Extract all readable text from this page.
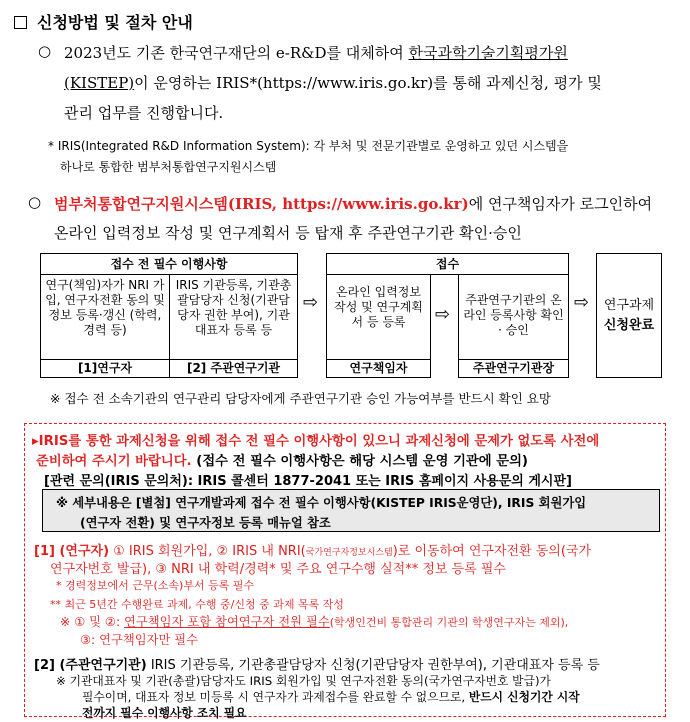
신청방법 및 절차 안내
○ 2023년도 기존 한국연구재단의 e-R&D를 대체하여 한국과학기술기획평가원
(KISTEP)이 운영하는 IRIS*(https://www.iris.go.kr)를 통해 과제신청, 평가 및
관리 업무를 진행합니다.
* IRIS(Integrated R&D Information System): 각 부처 및 전문기관별로 운영하고 있던 시스템을
하나로 통합한 범부처통합연구지원시스템
○ 범부처통합연구지원시스템(IRIS, https://www.iris.go.kr)에 연구책임자가 로그인하여
온라인 입력정보 작성 및 연구계획서 등 탑재 후 주관연구기관 확인·승인
접수 전 필수 이행사항
연구(책임)자가 NRI 가입, 연구자전환 동의 및 정보 등록·갱신 (학력, 경력 등)
[1]연구자
IRIS 기관등록, 기관총괄담당자 신청(기관담당자 권한 부여), 기관대표자 등록 등
[2] 주관연구기관
⇨
접수
온라인 입력정보 작성 및 연구계획서 등 등록
연구책임자
⇨
주관연구기관의 온라인 등록사항 확인 · 승인
주관연구기관장
⇨	연구과제
신청완료
※ 접수 전 소속기관의 연구관리 담당자에게 주관연구기관 승인 가능여부를 반드시 확인 요망
▸IRIS를 통한 과제신청을 위해 접수 전 필수 이행사항이 있으니 과제신청에 문제가 없도록 사전에
준비하여 주시기 바랍니다. (접수 전 필수 이행사항은 해당 시스템 운영 기관에 문의)
[관련 문의(IRIS 문의처): IRIS 콜센터 1877-2041 또는 IRIS 홈페이지 사용문의 게시판]
※ 세부내용은 [별첨] 연구개발과제 접수 전 필수 이행사항(KISTEP IRIS운영단), IRIS 회원가입
(연구자 전환) 및 연구자정보 등록 매뉴얼 참조
[1] (연구자) ① IRIS 회원가입, ② IRIS 내 NRI(국가연구자정보시스템)로 이동하여 연구자전환 동의(국가
연구자번호 발급), ③ NRI 내 학력/경력* 및 주요 연구수행 실적** 정보 등록 필수
* 경력정보에서 근무(소속)부서 등록 필수
** 최근 5년간 수행완료 과제, 수행 중/신청 중 과제 목록 작성
※ ① 및 ②: 연구책임자 포함 참여연구자 전원 필수(학생인건비 통합관리 기관의 학생연구자는 제외),
③: 연구책임자만 필수
[2] (주관연구기관) IRIS 기관등록, 기관총괄담당자 신청(기관담당자 권한부여), 기관대표자 등록 등
※ 기관대표자 및 기관(총괄)담당자도 IRIS 회원가입 및 연구자전환 동의(국가연구자번호 발급)가
필수이며, 대표자 정보 미등록 시 연구자가 과제접수를 완료할 수 없으므로, 반드시 신청기간 시작
전까지 필수 이행사항 조치 필요
